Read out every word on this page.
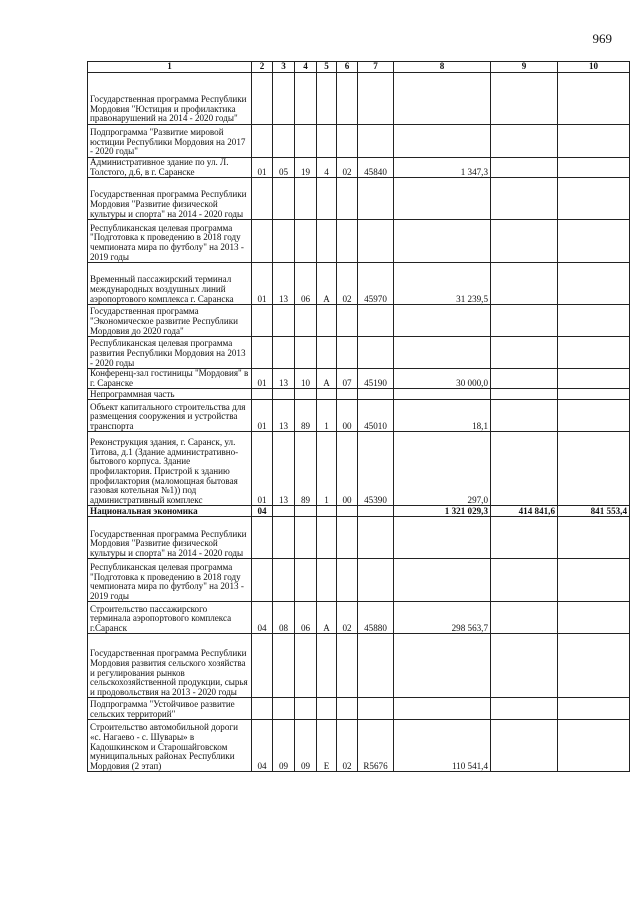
969
1	2	3	4	5	6	7	8	9	10
Государственная программа Республики Мордовия "Юстиция и профилактика правонарушений на 2014 - 2020 годы"									
Подпрограмма "Развитие мировой юстиции Республики Мордовия на 2017 - 2020 годы"									
Административное здание по ул. Л. Толстого, д.6, в г. Саранске	01	05	19	4	02	45840	1 347,3		
Государственная программа Республики Мордовия "Развитие физической культуры и спорта" на 2014 - 2020 годы									
Республиканская целевая программа "Подготовка к проведению в 2018 году чемпионата мира по футболу" на 2013 - 2019 годы									
Временный пассажирский терминал международных воздушных линий аэропортового комплекса г. Саранска	01	13	06	А	02	45970	31 239,5		
Государственная программа "Экономическое развитие Республики Мордовия до 2020 года"									
Республиканская целевая программа развития Республики Мордовия на 2013 - 2020 годы									
Конференц-зал гостиницы "Мордовия" в г. Саранске	01	13	10	А	07	45190	30 000,0		
Непрограммная часть									
Объект капитального строительства для размещения сооружения и устройства транспорта	01	13	89	1	00	45010	18,1		
Реконструкция здания, г. Саранск, ул. Титова, д.1 (Здание административно-бытового корпуса. Здание профилактория. Пристрой к зданию профилактория (маломощная бытовая газовая котельная №1)) под административный комплекс	01	13	89	1	00	45390	297,0		
Национальная экономика	04						1 321 029,3	414 841,6	841 553,4
Государственная программа Республики Мордовия "Развитие физической культуры и спорта" на 2014 - 2020 годы									
Республиканская целевая программа "Подготовка к проведению в 2018 году чемпионата мира по футболу" на 2013 - 2019 годы									
Строительство пассажирского терминала аэропортового комплекса г.Саранск	04	08	06	А	02	45880	298 563,7		
Государственная программа Республики Мордовия развития сельского хозяйства и регулирования рынков сельскохозяйственной продукции, сырья и продовольствия на 2013 - 2020 годы									
Подпрограмма "Устойчивое развитие сельских территорий"									
Строительство автомобильной дороги «с. Нагаево - с. Шувары» в Кадошкинском и Старошайговском муниципальных районах Республики Мордовия (2 этап)	04	09	09	Е	02	R5676	110 541,4		
